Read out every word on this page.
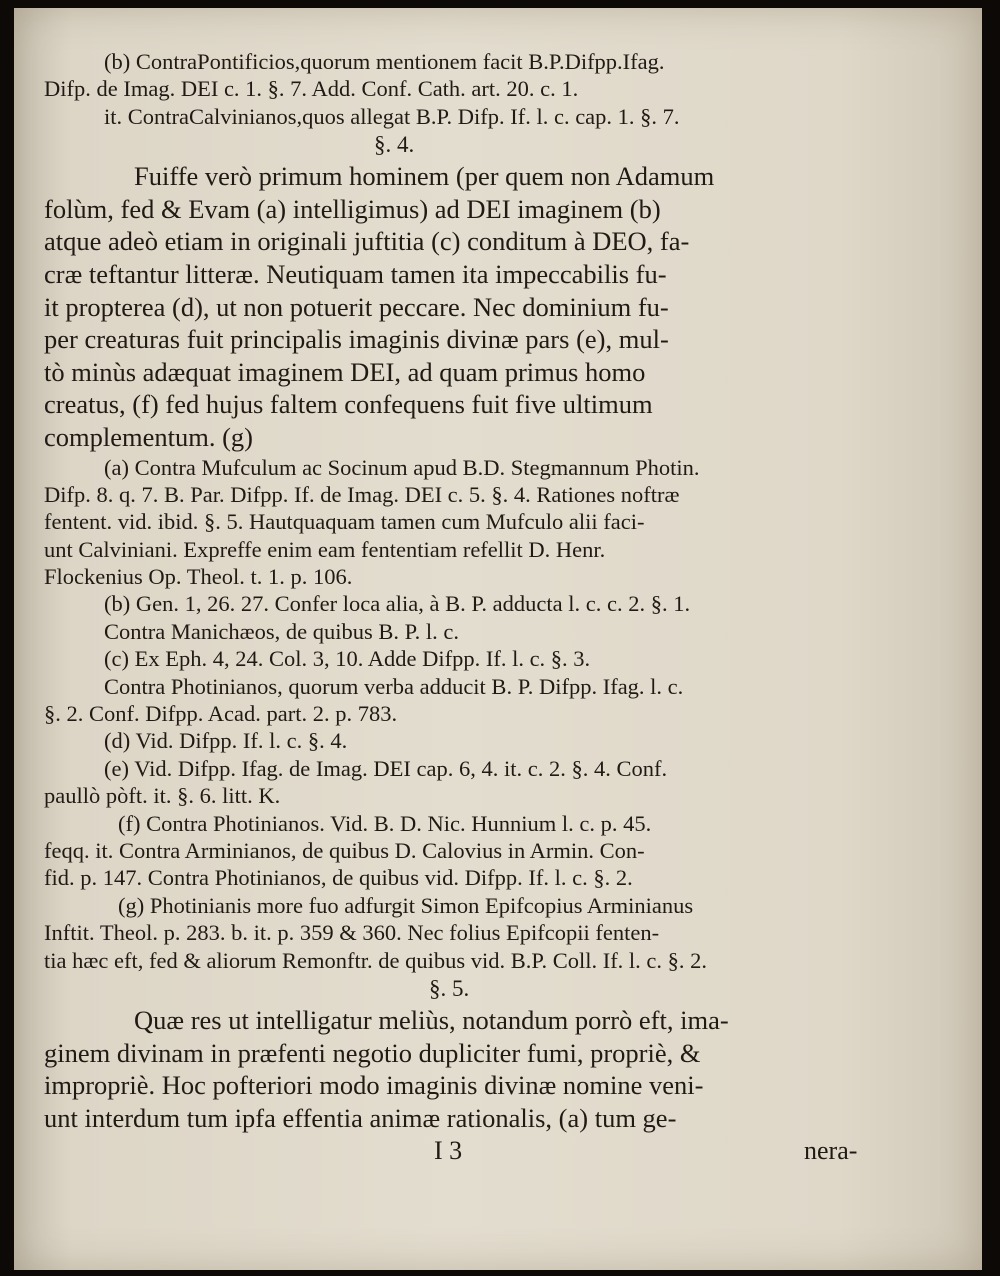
(b) ContraPontificios,quorum mentionem facit B.P.Difpp.Ifag.
Difp. de Imag. DEI c. 1. §. 7. Add. Conf. Cath. art. 20. c. 1.
it. ContraCalvinianos,quos allegat B.P. Difp. If. l. c. cap. 1. §. 7.
§. 4.
Fuiffe verò primum hominem (per quem non Adamum
folùm, fed & Evam (a) intelligimus) ad DEI imaginem (b)
atque adeò etiam in originali juftitia (c) conditum à DEO, fa-
cræ teftantur litteræ. Neutiquam tamen ita impeccabilis fu-
it propterea (d), ut non potuerit peccare. Nec dominium fu-
per creaturas fuit principalis imaginis divinæ pars (e), mul-
tò minùs adæquat imaginem DEI, ad quam primus homo
creatus, (f) fed hujus faltem confequens fuit five ultimum
complementum. (g)
(a) Contra Mufculum ac Socinum apud B.D. Stegmannum Photin.
Difp. 8. q. 7. B. Par. Difpp. If. de Imag. DEI c. 5. §. 4. Rationes noftræ
fentent. vid. ibid. §. 5. Hautquaquam tamen cum Mufculo alii faci-
unt Calviniani. Expreffe enim eam fententiam refellit D. Henr.
Flockenius Op. Theol. t. 1. p. 106.
(b) Gen. 1, 26. 27. Confer loca alia, à B. P. adducta l. c. c. 2. §. 1.
Contra Manichæos, de quibus B. P. l. c.
(c) Ex Eph. 4, 24. Col. 3, 10. Adde Difpp. If. l. c. §. 3.
Contra Photinianos, quorum verba adducit B. P. Difpp. Ifag. l. c.
§. 2. Conf. Difpp. Acad. part. 2. p. 783.
(d) Vid. Difpp. If. l. c. §. 4.
(e) Vid. Difpp. Ifag. de Imag. DEI cap. 6, 4. it. c. 2. §. 4. Conf.
paullò pòft. it. §. 6. litt. K.
(f) Contra Photinianos. Vid. B. D. Nic. Hunnium l. c. p. 45.
feqq. it. Contra Arminianos, de quibus D. Calovius in Armin. Con-
fid. p. 147. Contra Photinianos, de quibus vid. Difpp. If. l. c. §. 2.
(g) Photinianis more fuo adfurgit Simon Epifcopius Arminianus
Inftit. Theol. p. 283. b. it. p. 359 & 360. Nec folius Epifcopii fenten-
tia hæc eft, fed & aliorum Remonftr. de quibus vid. B.P. Coll. If. l. c. §. 2.
§. 5.
Quæ res ut intelligatur meliùs, notandum porrò eft, ima-
ginem divinam in præfenti negotio dupliciter fumi, propriè, &
impropriè. Hoc pofteriori modo imaginis divinæ nomine veni-
unt interdum tum ipfa effentia animæ rationalis, (a) tum ge-
I 3	nera-
